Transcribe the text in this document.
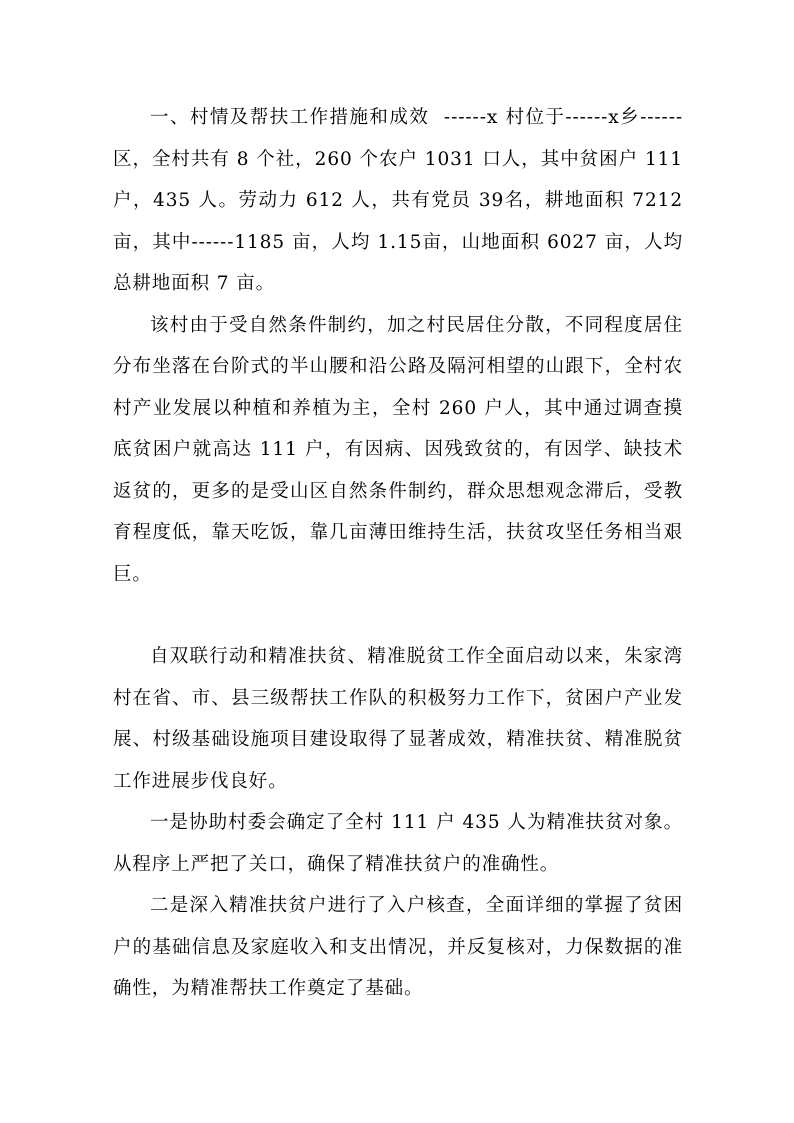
一、村情及帮扶工作措施和成效  ------x 村位于------x乡------区，全村共有 8 个社，260 个农户 1031 口人，其中贫困户 111 户，435 人。劳动力 612 人，共有党员 39名，耕地面积 7212 亩，其中------1185 亩，人均 1.15亩，山地面积 6027 亩，人均总耕地面积 7 亩。

该村由于受自然条件制约，加之村民居住分散，不同程度居住分布坐落在台阶式的半山腰和沿公路及隔河相望的山跟下，全村农村产业发展以种植和养植为主，全村 260 户人，其中通过调查摸底贫困户就高达 111 户，有因病、因残致贫的，有因学、缺技术返贫的，更多的是受山区自然条件制约，群众思想观念滞后，受教育程度低，靠天吃饭，靠几亩薄田维持生活，扶贫攻坚任务相当艰巨。

自双联行动和精准扶贫、精准脱贫工作全面启动以来，朱家湾村在省、市、县三级帮扶工作队的积极努力工作下，贫困户产业发展、村级基础设施项目建设取得了显著成效，精准扶贫、精准脱贫工作进展步伐良好。

一是协助村委会确定了全村 111 户 435 人为精准扶贫对象。从程序上严把了关口，确保了精准扶贫户的准确性。

二是深入精准扶贫户进行了入户核查，全面详细的掌握了贫困户的基础信息及家庭收入和支出情况，并反复核对，力保数据的准确性，为精准帮扶工作奠定了基础。
